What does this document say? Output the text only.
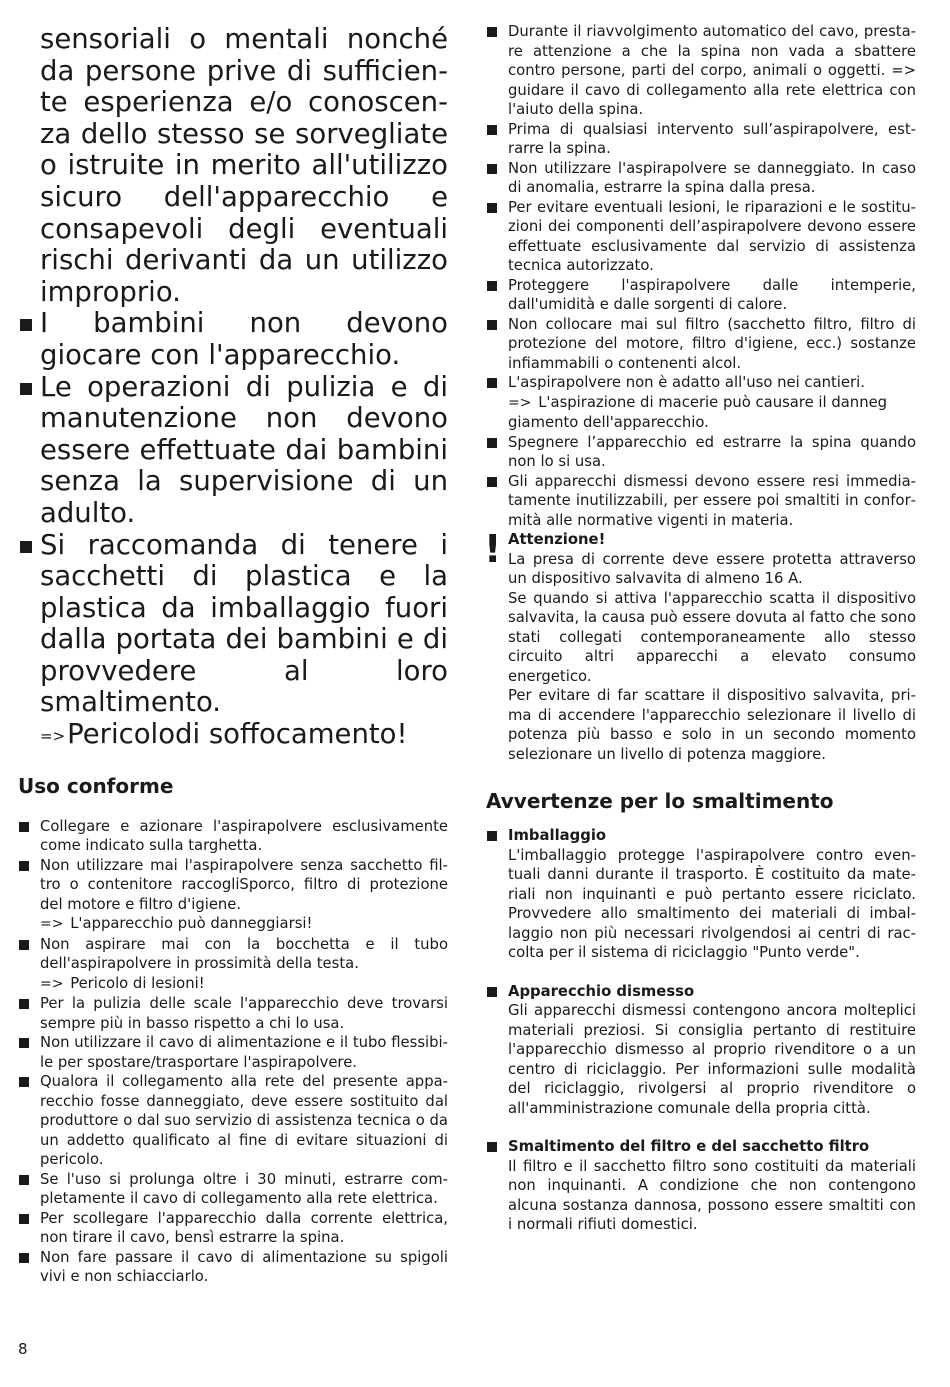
sensoriali o mentali nonché da persone prive di sufficiente esperienza e/o conoscenza dello stesso se sorvegliate o istruite in merito all'utilizzo sicuro dell'apparecchio e consapevoli degli eventuali rischi derivanti da un utilizzo improprio.
I bambini non devono giocare con l'apparecchio.
Le operazioni di pulizia e di manutenzione non devono essere effettuate dai bambini senza la supervisione di un adulto.
Si raccomanda di tenere i sacchetti di plastica e la plastica da imballaggio fuori dalla portata dei bambini e di provvedere al loro smaltimento.
=>Pericolodi soffocamento!
Uso conforme
Collegare e azionare l'aspirapolvere esclusivamente come indicato sulla targhetta.
Non utilizzare mai l'aspirapolvere senza sacchetto filtro o contenitore raccogliSporco, filtro di protezione del motore e filtro d'igiene.
=> L'apparecchio può danneggiarsi!
Non aspirare mai con la bocchetta e il tubo dell'aspirapolvere in prossimità della testa.
=> Pericolo di lesioni!
Per la pulizia delle scale l'apparecchio deve trovarsi sempre più in basso rispetto a chi lo usa.
Non utilizzare il cavo di alimentazione e il tubo flessibile per spostare/trasportare l'aspirapolvere.
Qualora il collegamento alla rete del presente apparecchio fosse danneggiato, deve essere sostituito dal produttore o dal suo servizio di assistenza tecnica o da un addetto qualificato al fine di evitare situazioni di pericolo.
Se l'uso si prolunga oltre i 30 minuti, estrarre completamente il cavo di collegamento alla rete elettrica.
Per scollegare l'apparecchio dalla corrente elettrica, non tirare il cavo, bensì estrarre la spina.
Non fare passare il cavo di alimentazione su spigoli vivi e non schiacciarlo.
Durante il riavvolgimento automatico del cavo, prestare attenzione a che la spina non vada a sbattere contro persone, parti del corpo, animali o oggetti. => guidare il cavo di collegamento alla rete elettrica con l'aiuto della spina.
Prima di qualsiasi intervento sull’aspirapolvere, estrarre la spina.
Non utilizzare l'aspirapolvere se danneggiato. In caso di anomalia, estrarre la spina dalla presa.
Per evitare eventuali lesioni, le riparazioni e le sostituzioni dei componenti dell’aspirapolvere devono essere effettuate esclusivamente dal servizio di assistenza tecnica autorizzato.
Proteggere l'aspirapolvere dalle intemperie, dall'umidità e dalle sorgenti di calore.
Non collocare mai sul filtro (sacchetto filtro, filtro di protezione del motore, filtro d'igiene, ecc.) sostanze infiammabili o contenenti alcol.
L'aspirapolvere non è adatto all'uso nei cantieri.
=> L'aspirazione di macerie può causare il danneg giamento dell'apparecchio.
Spegnere l’apparecchio ed estrarre la spina quando non lo si usa.
Gli apparecchi dismessi devono essere resi immediatamente inutilizzabili, per essere poi smaltiti in conformità alle normative vigenti in materia.
! Attenzione!
La presa di corrente deve essere protetta attraverso un dispositivo salvavita di almeno 16 A.
Se quando si attiva l'apparecchio scatta il dispositivo salvavita, la causa può essere dovuta al fatto che sono stati collegati contemporaneamente allo stesso circuito altri apparecchi a elevato consumo energetico.
Per evitare di far scattare il dispositivo salvavita, prima di accendere l'apparecchio selezionare il livello di potenza più basso e solo in un secondo momento selezionare un livello di potenza maggiore.
Avvertenze per lo smaltimento
Imballaggio
L'imballaggio protegge l'aspirapolvere contro eventuali danni durante il trasporto. È costituito da materiali non inquinanti e può pertanto essere riciclato. Provvedere allo smaltimento dei materiali di imballaggio non più necessari rivolgendosi ai centri di raccolta per il sistema di riciclaggio "Punto verde".
Apparecchio dismesso
Gli apparecchi dismessi contengono ancora molteplici materiali preziosi. Si consiglia pertanto di restituire l'apparecchio dismesso al proprio rivenditore o a un centro di riciclaggio. Per informazioni sulle modalità del riciclaggio, rivolgersi al proprio rivenditore o all'amministrazione comunale della propria città.
Smaltimento del filtro e del sacchetto filtro
Il filtro e il sacchetto filtro sono costituiti da materiali non inquinanti. A condizione che non contengono alcuna sostanza dannosa, possono essere smaltiti con i normali rifiuti domestici.
8
